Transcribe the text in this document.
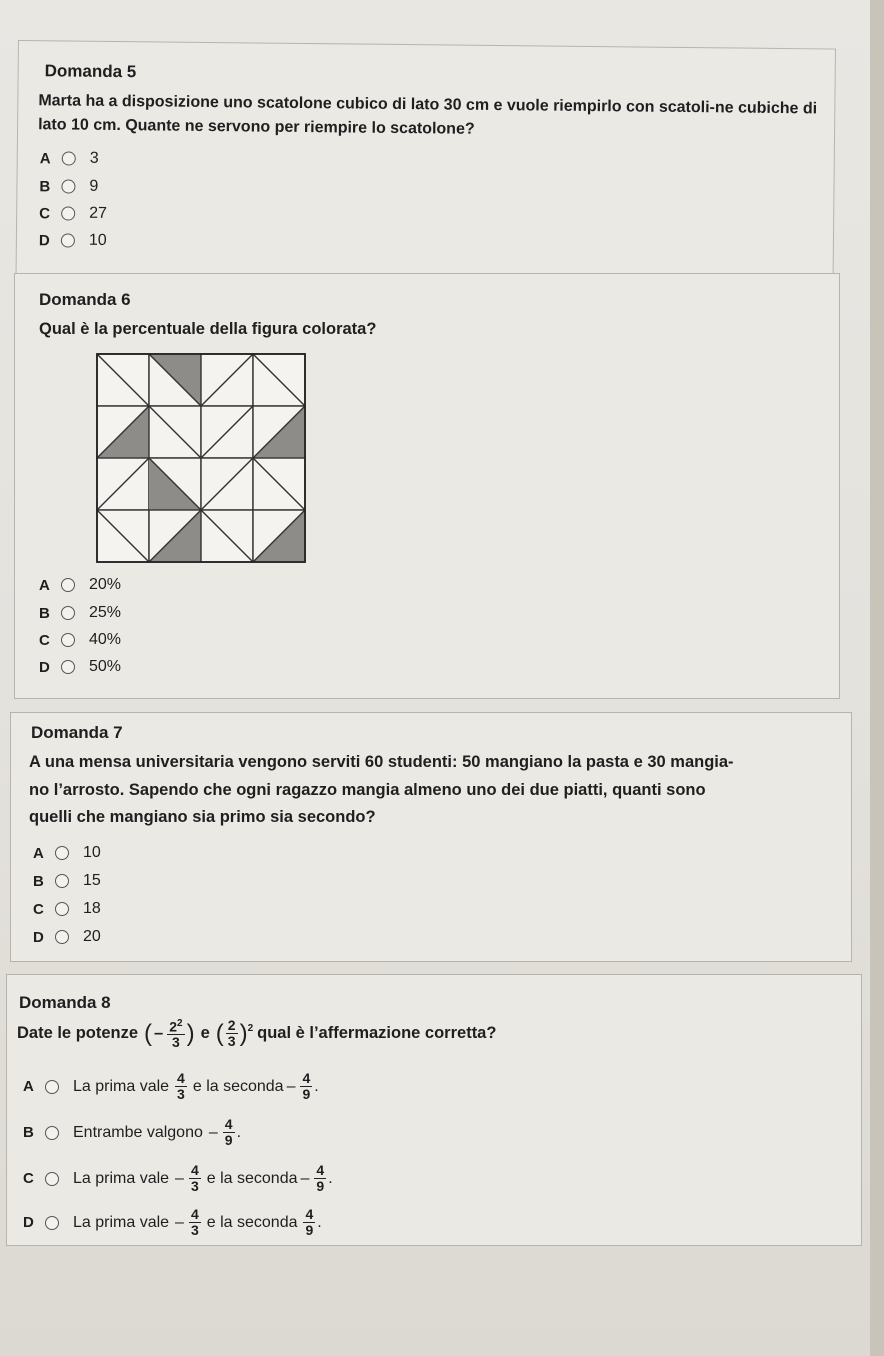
Domanda 5
Marta ha a disposizione uno scatolone cubico di lato 30 cm e vuole riempirlo con scatoli-ne cubiche di lato 10 cm. Quante ne servono per riempire lo scatolone?
A	3
B	9
C	27
D	10
Domanda 6
Qual è la percentuale della figura colorata?
A	20%
B	25%
C	40%
D	50%
Domanda 7
A una mensa universitaria vengono serviti 60 studenti: 50 mangiano la pasta e 30 mangia-
no l’arrosto. Sapendo che ogni ragazzo mangia almeno uno dei due piatti, quanti sono
quelli che mangiano sia primo sia secondo?
A	10
B	15
C	18
D	20
Domanda 8
Date le potenze ( – $\frac{2^2}{3}$ ) e ( $\frac{2}{3}$ ) 2 qual è l’affermazione corretta?
A	La prima vale $\frac{4}{3}$ e la seconda – $\frac{4}{9}$ .
B	Entrambe valgono – $\frac{4}{9}$ .
C	La prima vale – $\frac{4}{3}$ e la seconda – $\frac{4}{9}$ .
D	La prima vale – $\frac{4}{3}$ e la seconda $\frac{4}{9}$ .
